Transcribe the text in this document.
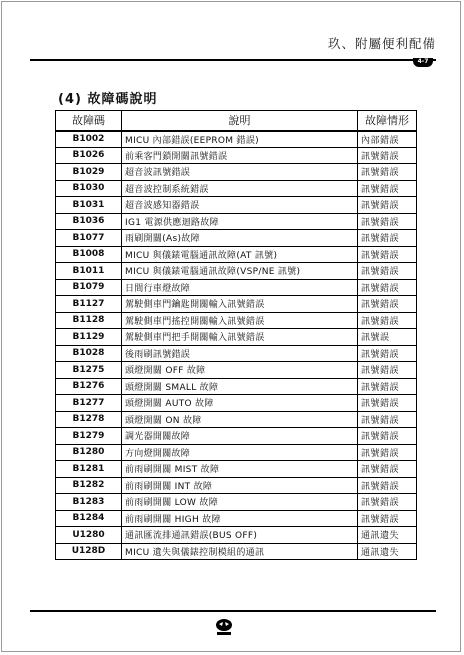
玖、附屬便利配備
4-7
(4) 故障碼說明
故障碼	說明	故障情形
B1002	MICU 內部錯誤(EEPROM 錯誤)	內部錯誤
B1026	前乘客門鎖開關訊號錯誤	訊號錯誤
B1029	超音波訊號錯誤	訊號錯誤
B1030	超音波控制系統錯誤	訊號錯誤
B1031	超音波感知器錯誤	訊號錯誤
B1036	IG1 電源供應迴路故障	訊號錯誤
B1077	雨刷開關(As)故障	訊號錯誤
B1008	MICU 與儀錶電腦通訊故障(AT 訊號)	訊號錯誤
B1011	MICU 與儀錶電腦通訊故障(VSP/NE 訊號)	訊號錯誤
B1079	日間行車燈故障	訊號錯誤
B1127	駕駛側車門鑰匙開關輸入訊號錯誤	訊號錯誤
B1128	駕駛側車門搖控開關輸入訊號錯誤	訊號錯誤
B1129	駕駛側車門把手開關輸入訊號錯誤	訊號誤
B1028	後雨刷訊號錯誤	訊號錯誤
B1275	頭燈開關 OFF 故障	訊號錯誤
B1276	頭燈開關 SMALL 故障	訊號錯誤
B1277	頭燈開關 AUTO 故障	訊號錯誤
B1278	頭燈開關 ON 故障	訊號錯誤
B1279	調光器開關故障	訊號錯誤
B1280	方向燈開關故障	訊號錯誤
B1281	前雨刷開關 MIST 故障	訊號錯誤
B1282	前雨刷開關 INT 故障	訊號錯誤
B1283	前雨刷開關 LOW 故障	訊號錯誤
B1284	前雨刷開關 HIGH 故障	訊號錯誤
U1280	通訊匯流排通訊錯誤(BUS OFF)	通訊遺失
U128D	MICU 遺失與儀錶控制模組的通訊	通訊遺失
